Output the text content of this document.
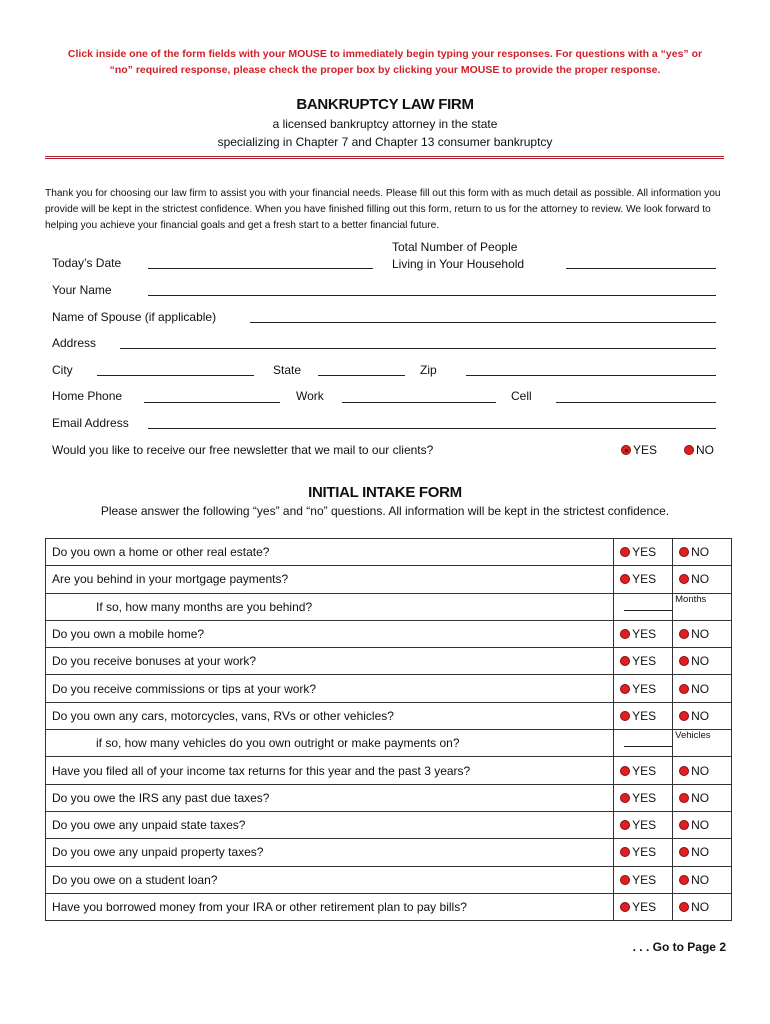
Click inside one of the form fields with your MOUSE to immediately begin typing your responses. For questions with a “yes” or
“no” required response, please check the proper box by clicking your MOUSE to provide the proper response.
BANKRUPTCY LAW FIRM
a licensed bankruptcy attorney in the state
specializing in Chapter 7 and Chapter 13 consumer bankruptcy
Thank you for choosing our law firm to assist you with your financial needs. Please fill out this form with as much detail as possible. All information you provide will be kept in the strictest confidence. When you have finished filling out this form, return to us for the attorney to review. We look forward to helping you achieve your financial goals and get a fresh start to a better financial future.
Today’s Date
Total Number of People
Living in Your Household
Your Name
Name of Spouse (if applicable)
Address
City	State	Zip
Home Phone	Work	Cell
Email Address
Would you like to receive our free newsletter that we mail to our clients?	YES	NO
INITIAL INTAKE FORM
Please answer the following “yes” and “no” questions. All information will be kept in the strictest confidence.
Do you own a home or other real estate?	YES	NO

Are you behind in your mortgage payments?	YES	NO

If so, how many months are you behind?		$^{Months}$
Do you own a mobile home?	YES	NO

Do you receive bonuses at your work?	YES	NO

Do you receive commissions or tips at your work?	YES	NO

Do you own any cars, motorcycles, vans, RVs or other vehicles?	YES	NO

if so, how many vehicles do you own outright or make payments on?		$^{Vehicles}$
Have you filed all of your income tax returns for this year and the past 3 years?	YES	NO

Do you owe the IRS any past due taxes?	YES	NO

Do you owe any unpaid state taxes?	YES	NO

Do you owe any unpaid property taxes?	YES	NO

Do you owe on a student loan?	YES	NO

Have you borrowed money from your IRA or other retirement plan to pay bills?	YES	NO
. . . Go to Page 2
